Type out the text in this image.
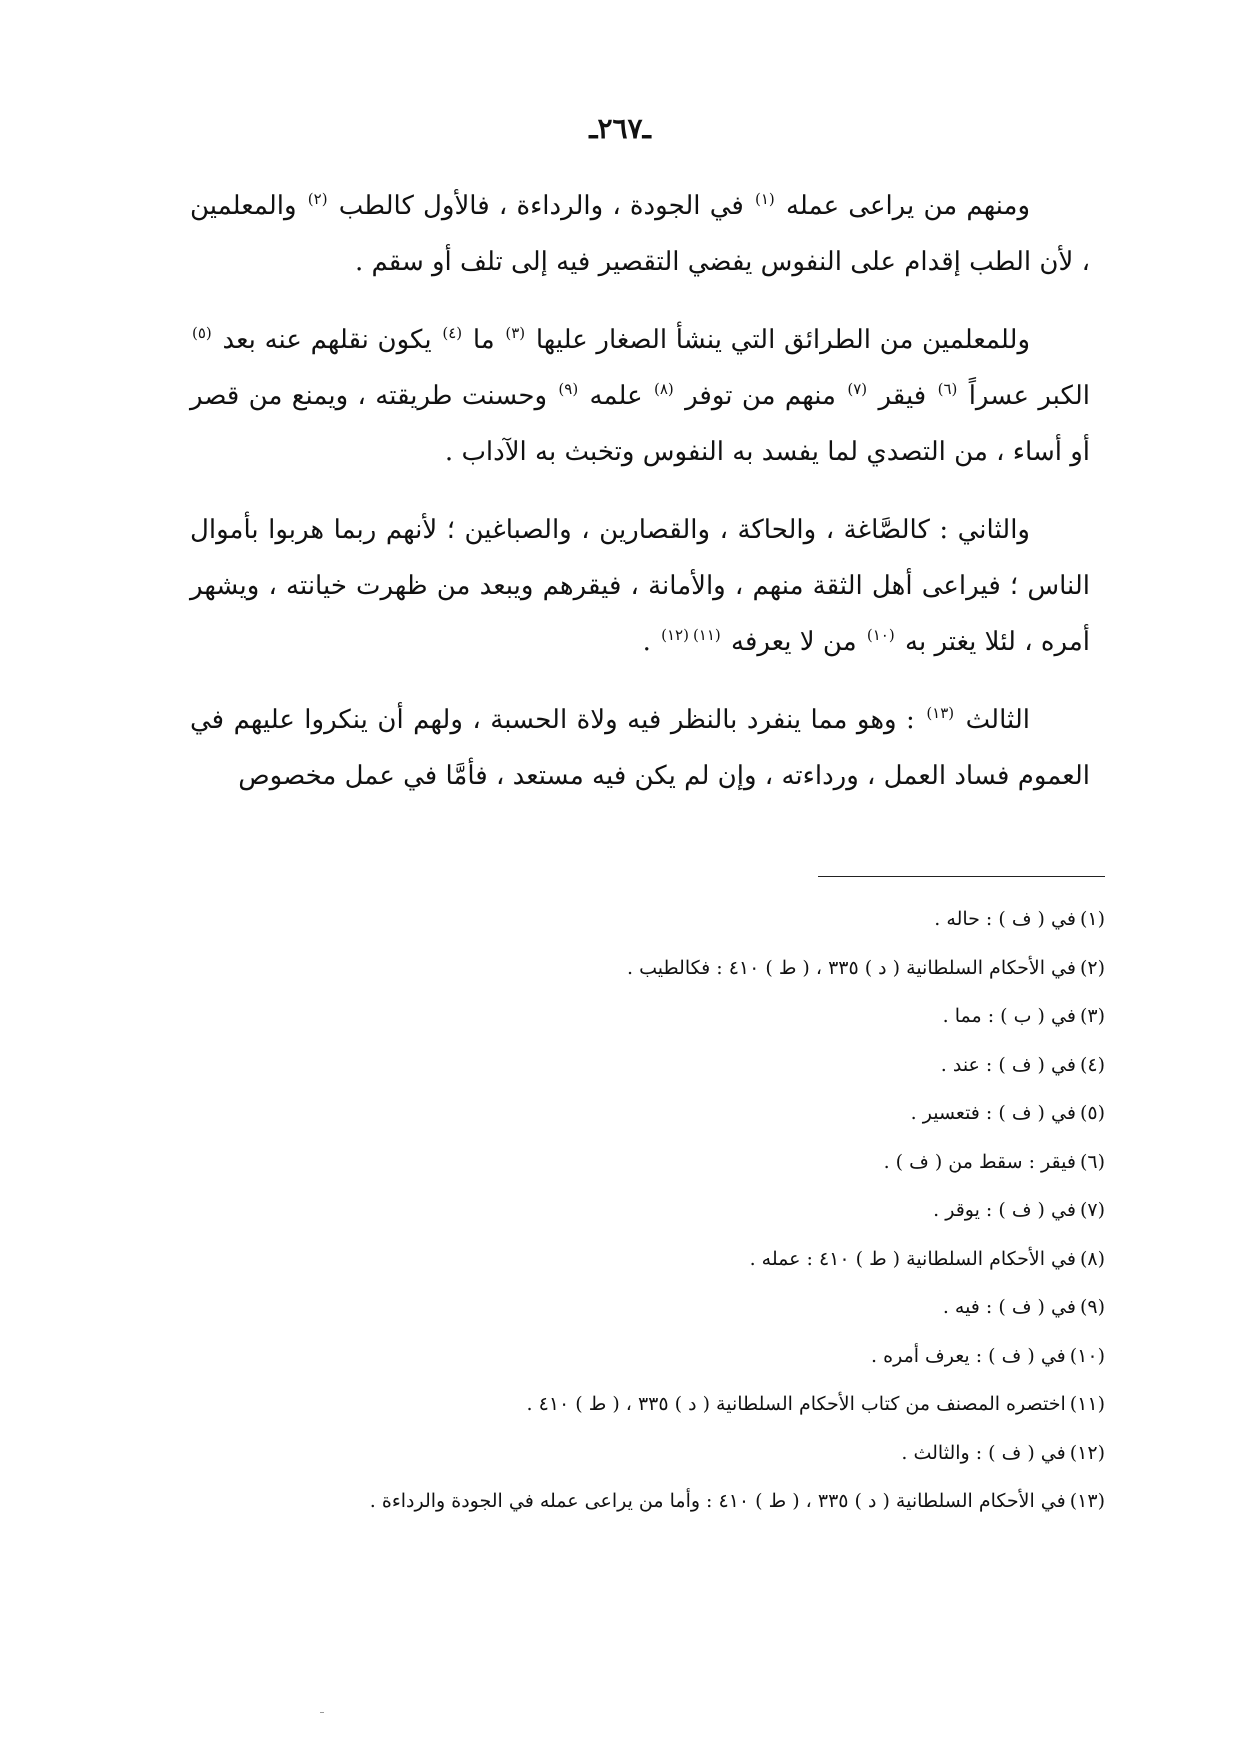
ـ٢٦٧ـ

ومنهم من يراعى عمله $^{(١)}$ في الجودة ، والرداءة ، فالأول كالطب $^{(٢)}$ والمعلمين ، لأن الطب إقدام على النفوس يفضي التقصير فيه إلى تلف أو سقم .

وللمعلمين من الطرائق التي ينشأ الصغار عليها $^{(٣)}$ ما $^{(٤)}$ يكون نقلهم عنه بعد $^{(٥)}$ الكبر عسراً $^{(٦)}$ فيقر $^{(٧)}$ منهم من توفر $^{(٨)}$ علمه $^{(٩)}$ وحسنت طريقته ، ويمنع من قصر أو أساء ، من التصدي لما يفسد به النفوس وتخبث به الآداب .

والثاني : كالصَّاغة ، والحاكة ، والقصارين ، والصباغين ؛ لأنهم ربما هربوا بأموال الناس ؛ فيراعى أهل الثقة منهم ، والأمانة ، فيقرهم ويبعد من ظهرت خيانته ، ويشهر أمره ، لئلا يغتر به $^{(١٠)}$ من لا يعرفه $^{(١١)(١٢)}$ .

الثالث $^{(١٣)}$ : وهو مما ينفرد بالنظر فيه ولاة الحسبة ، ولهم أن ينكروا عليهم في العموم فساد العمل ، ورداءته ، وإن لم يكن فيه مستعد ، فأمَّا في عمل مخصوص

(١)في ( ف ) : حاله .
(٢)في الأحكام السلطانية ( د ) ٣٣٥ ، ( ط ) ٤١٠ : فكالطيب .
(٣)في ( ب ) : مما .
(٤)في ( ف ) : عند .
(٥)في ( ف ) : فتعسير .
(٦)فيقر : سقط من ( ف ) .
(٧)في ( ف ) : يوقر .
(٨)في الأحكام السلطانية ( ط ) ٤١٠ : عمله .
(٩)في ( ف ) : فيه .
(١٠)في ( ف ) : يعرف أمره .
(١١)اختصره المصنف من كتاب الأحكام السلطانية ( د ) ٣٣٥ ، ( ط ) ٤١٠ .
(١٢)في ( ف ) : والثالث .
(١٣)في الأحكام السلطانية ( د ) ٣٣٥ ، ( ط ) ٤١٠ : وأما من يراعى عمله في الجودة والرداءة .
